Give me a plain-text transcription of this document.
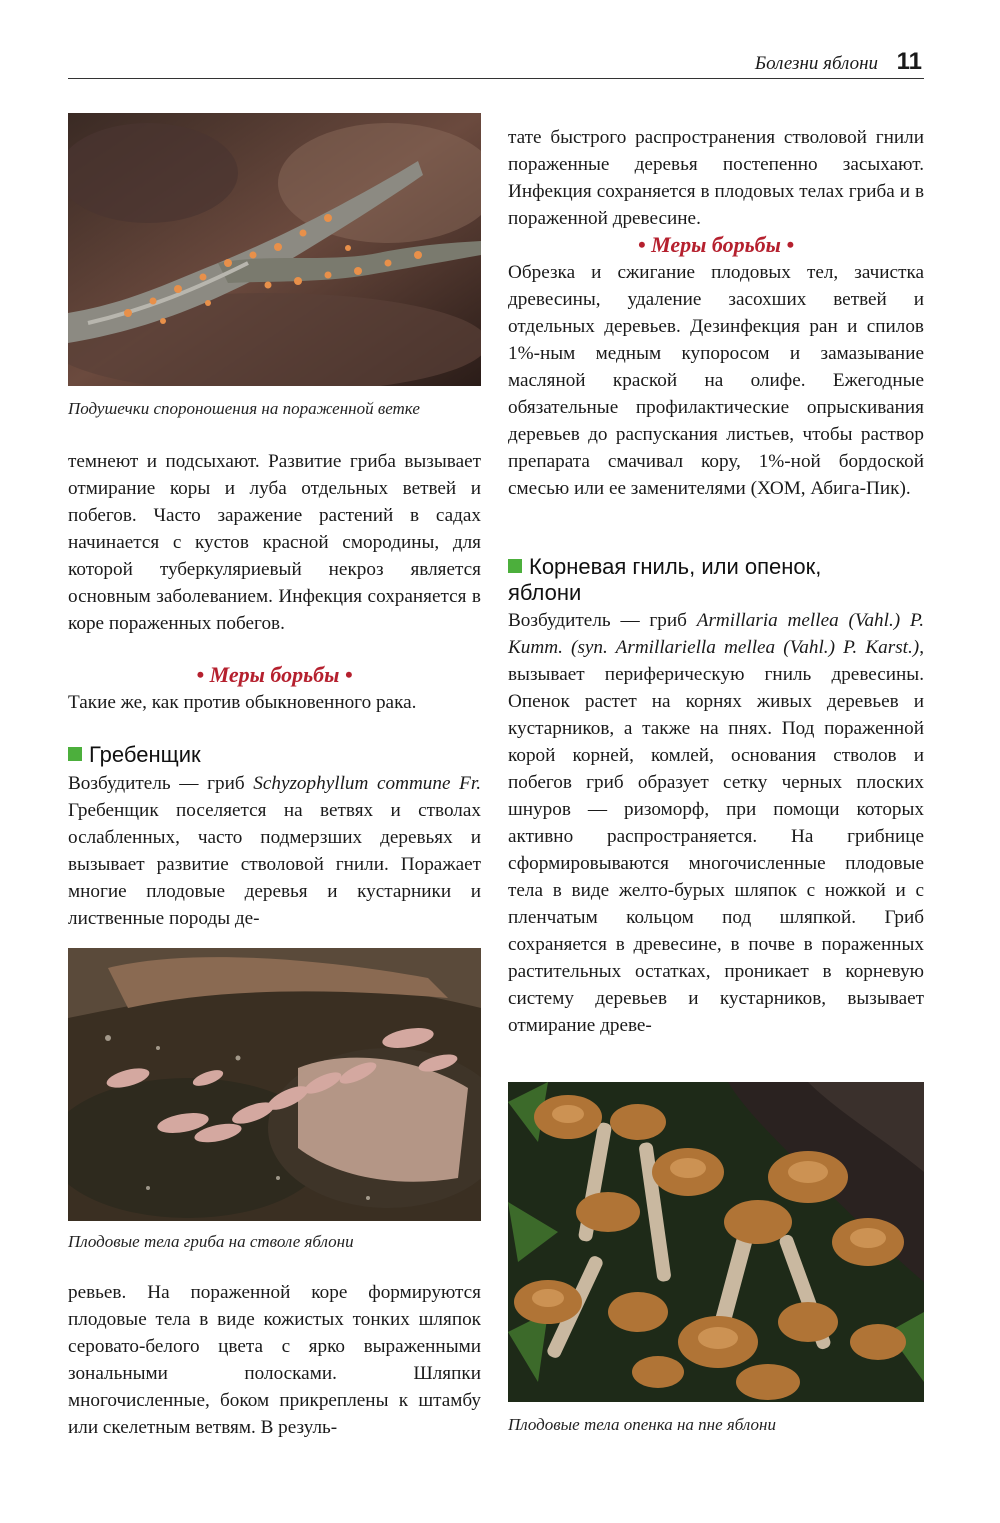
Болезни яблони 11
Подушечки спороношения на пораженной ветке

темнеют и подсыхают. Развитие гриба вызывает отмирание коры и луба отдельных ветвей и побегов. Часто заражение растений в садах начинается с кустов красной смородины, для которой туберкуляриевый некроз является основным заболеванием. Инфекция сохраняется в коре пораженных побегов.

• Меры борьбы •

Такие же, как против обыкновенного рака.

Гребенщик

Возбудитель — гриб Schyzophyllum commune Fr. Гребенщик поселяется на ветвях и стволах ослабленных, часто подмерзших деревьях и вызывает развитие стволовой гнили. Поражает многие плодовые деревья и кустарники и лиственные породы де-

Плодовые тела гриба на стволе яблони

ревьев. На пораженной коре формируются плодовые тела в виде кожистых тонких шляпок серовато-белого цвета с ярко выраженными зональными полосками. Шляпки многочисленные, боком прикреплены к штамбу или скелетным ветвям. В резуль-

тате быстрого распространения стволовой гнили пораженные деревья постепенно засыхают. Инфекция сохраняется в плодовых телах гриба и в пораженной древесине.

• Меры борьбы •

Обрезка и сжигание плодовых тел, зачистка древесины, удаление засохших ветвей и отдельных деревьев. Дезинфекция ран и спилов 1%-ным медным купоросом и замазывание масляной краской на олифе. Ежегодные обязательные профилактические опрыскивания деревьев до распускания листьев, чтобы раствор препарата смачивал кору, 1%-ной бордоской смесью или ее заменителями (ХОМ, Абига-Пик).

Корневая гниль, или опенок,
яблони

Возбудитель — гриб Armillaria mellea (Vahl.) P. Kumm. (syn. Armillariella mellea (Vahl.) P. Karst.), вызывает периферическую гниль древесины. Опенок растет на корнях живых деревьев и кустарников, а также на пнях. Под пораженной корой корней, комлей, основания стволов и побегов гриб образует сетку черных плоских шнуров — ризоморф, при помощи которых активно распространяется. На грибнице сформировываются многочисленные плодовые тела в виде желто-бурых шляпок с ножкой и с пленчатым кольцом под шляпкой. Гриб сохраняется в древесине, в почве в пораженных растительных остатках, проникает в корневую систему деревьев и кустарников, вызывает отмирание древе-

Плодовые тела опенка на пне яблони
